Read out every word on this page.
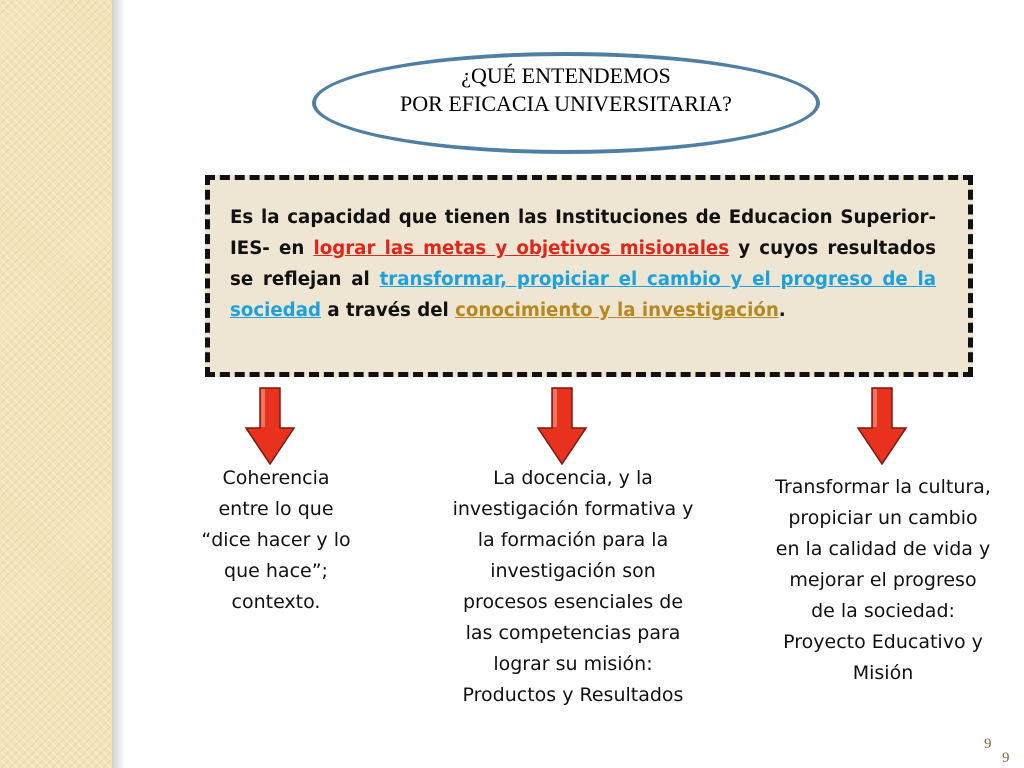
¿QUÉ ENTENDEMOS
POR EFICACIA UNIVERSITARIA?

Es la capacidad que tienen las Instituciones de Educacion Superior-IES- en lograr las metas y objetivos misionales y cuyos resultados se reflejan al transformar, propiciar el cambio y el progreso de la sociedad a través del conocimiento y la investigación.

Coherencia
entre lo que
“dice hacer y lo
que hace”;
contexto.
La docencia, y la
investigación formativa y
la formación para la
investigación son
procesos esenciales de
las competencias para
lograr su misión:
Productos y Resultados
Transformar la cultura,
propiciar un cambio
en la calidad de vida y
mejorar el progreso
de la sociedad:
Proyecto Educativo y
Misión
9
9
